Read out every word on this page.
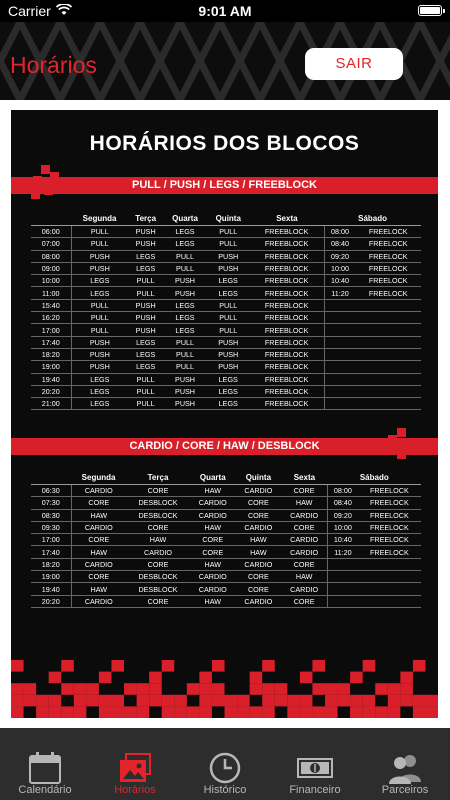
Carrier	9:01 AM
Horários	SAIR
HORÁRIOS DOS BLOCOS
PULL / PUSH / LEGS / FREEBLOCK
	Segunda	Terça	Quarta	Quinta	Sexta	Sábado	
06:00	PULL	PUSH	LEGS	PULL	FREEBLOCK	08:00	FREELOCK
07:00	PULL	PUSH	LEGS	PULL	FREEBLOCK	08:40	FREELOCK
08:00	PUSH	LEGS	PULL	PUSH	FREEBLOCK	09:20	FREELOCK
09:00	PUSH	LEGS	PULL	PUSH	FREEBLOCK	10:00	FREELOCK
10:00	LEGS	PULL	PUSH	LEGS	FREEBLOCK	10:40	FREELOCK
11:00	LEGS	PULL	PUSH	LEGS	FREEBLOCK	11:20	FREELOCK
15:40	PULL	PUSH	LEGS	PULL	FREEBLOCK		
16:20	PULL	PUSH	LEGS	PULL	FREEBLOCK		
17:00	PULL	PUSH	LEGS	PULL	FREEBLOCK		
17:40	PUSH	LEGS	PULL	PUSH	FREEBLOCK		
18:20	PUSH	LEGS	PULL	PUSH	FREEBLOCK		
19:00	PUSH	LEGS	PULL	PUSH	FREEBLOCK		
19:40	LEGS	PULL	PUSH	LEGS	FREEBLOCK		
20:20	LEGS	PULL	PUSH	LEGS	FREEBLOCK		
21:00	LEGS	PULL	PUSH	LEGS	FREEBLOCK		
CARDIO / CORE / HAW / DESBLOCK
	Segunda	Terça	Quarta	Quinta	Sexta	Sábado	
06:30	CARDIO	CORE	HAW	CARDIO	CORE	08:00	FREELOCK
07:30	CORE	DESBLOCK	CARDIO	CORE	HAW	08:40	FREELOCK
08:30	HAW	DESBLOCK	CARDIO	CORE	CARDIO	09:20	FREELOCK
09:30	CARDIO	CORE	HAW	CARDIO	CORE	10:00	FREELOCK
17:00	CORE	HAW	CORE	HAW	CARDIO	10:40	FREELOCK
17:40	HAW	CARDIO	CORE	HAW	CARDIO	11:20	FREELOCK
18:20	CARDIO	CORE	HAW	CARDIO	CORE		
19:00	CORE	DESBLOCK	CARDIO	CORE	HAW		
19:40	HAW	DESBLOCK	CARDIO	CORE	CARDIO		
20:20	CARDIO	CORE	HAW	CARDIO	CORE		
Calendário	Horários	Histórico	Financeiro	Parceiros
